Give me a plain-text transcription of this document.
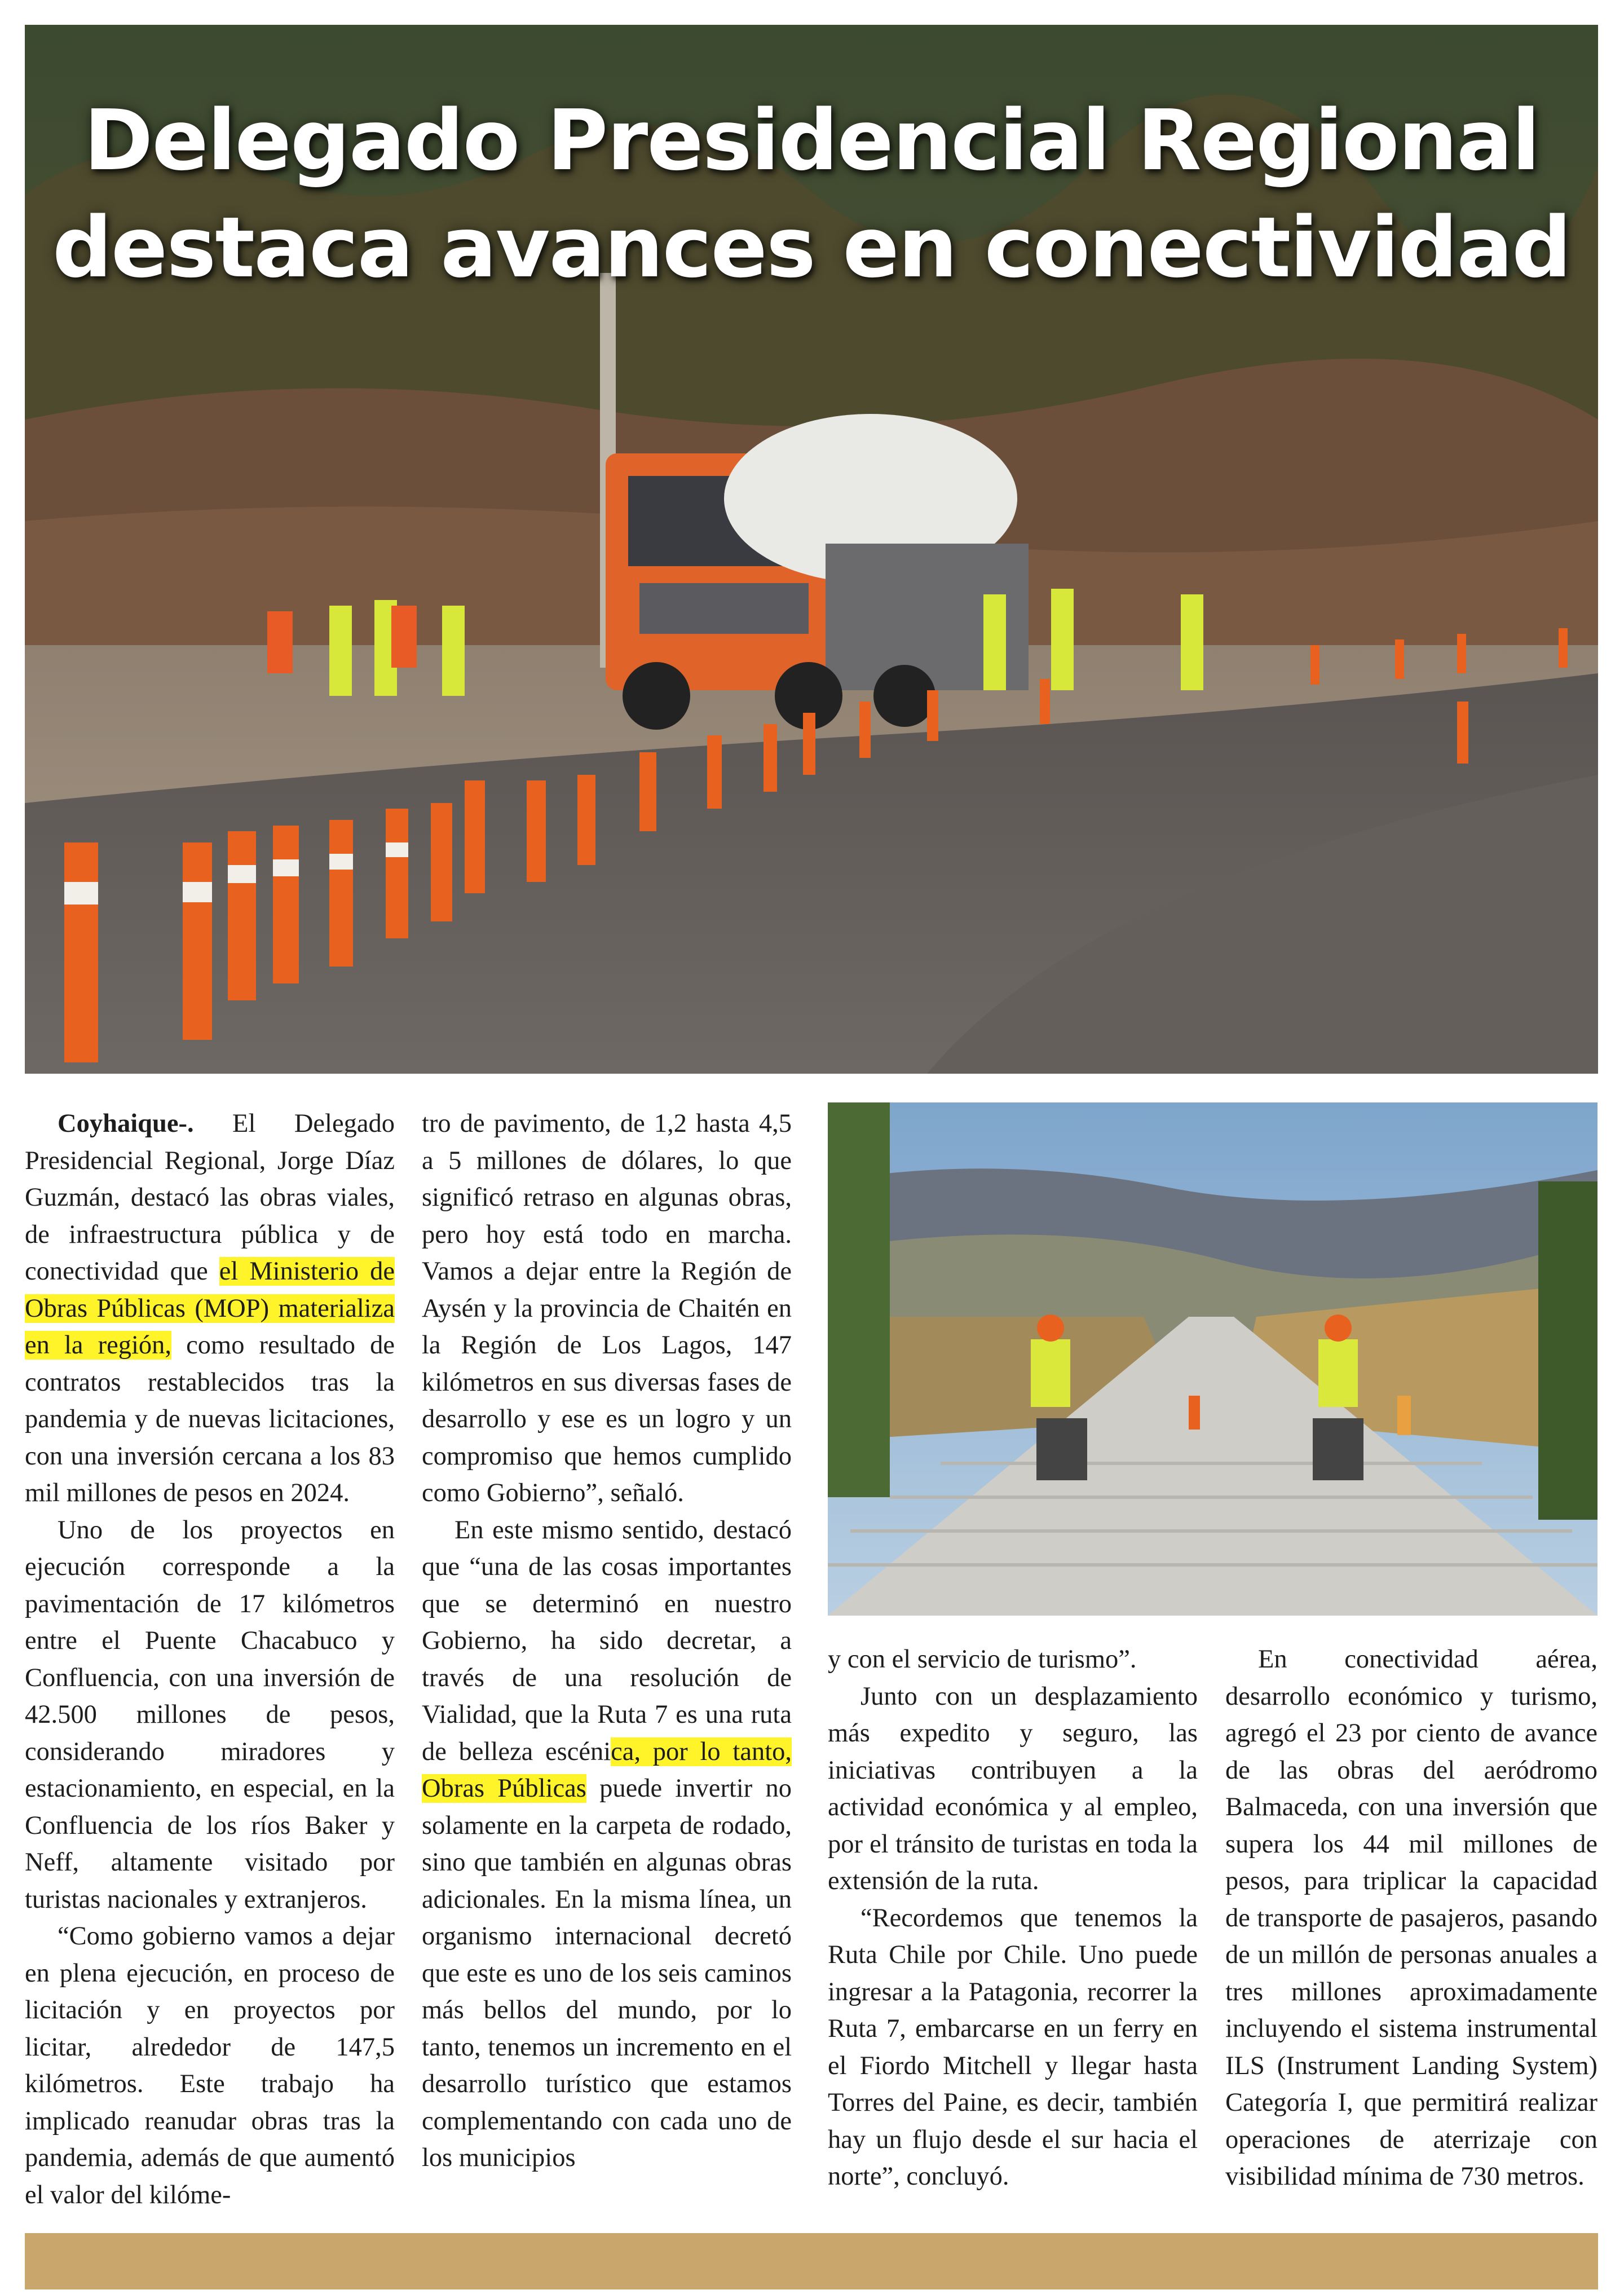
Delegado Presidencial Regional
destaca avances en conectividad

Coyhaique-. El Delegado Presidencial Regional, Jorge Díaz Guzmán, destacó las obras viales, de infraestructura pública y de conectividad que el Ministerio de Obras Públicas (MOP) materializa en la región, como resultado de contratos restablecidos tras la pandemia y de nuevas licitaciones, con una inversión cercana a los 83 mil millones de pesos en 2024.

Uno de los proyectos en ejecución corresponde a la pavimentación de 17 kilómetros entre el Puente Chacabuco y Confluencia, con una inversión de 42.500 millones de pesos, considerando miradores y estacionamiento, en especial, en la Confluencia de los ríos Baker y Neff, altamente visitado por turistas nacionales y extranjeros.

“Como gobierno vamos a dejar en plena ejecución, en proceso de licitación y en proyectos por licitar, alrededor de 147,5 kilómetros. Este trabajo ha implicado reanudar obras tras la pandemia, además de que aumentó el valor del kilóme-

tro de pavimento, de 1,2 hasta 4,5 a 5 millones de dólares, lo que significó retraso en algunas obras, pero hoy está todo en marcha. Vamos a dejar entre la Región de Aysén y la provincia de Chaitén en la Región de Los Lagos, 147 kilómetros en sus diversas fases de desarrollo y ese es un logro y un compromiso que hemos cumplido como Gobierno”, señaló.

En este mismo sentido, destacó que “una de las cosas importantes que se determinó en nuestro Gobierno, ha sido decretar, a través de una resolución de Vialidad, que la Ruta 7 es una ruta de belleza escénica, por lo tanto, Obras Públicas puede invertir no solamente en la carpeta de rodado, sino que también en algunas obras adicionales. En la misma línea, un organismo internacional decretó que este es uno de los seis caminos más bellos del mundo, por lo tanto, tenemos un incremento en el desarrollo turístico que estamos complementando con cada uno de los municipios

y con el servicio de turismo”.

Junto con un desplazamiento más expedito y seguro, las iniciativas contribuyen a la actividad económica y al empleo, por el tránsito de turistas en toda la extensión de la ruta.

“Recordemos que tenemos la Ruta Chile por Chile. Uno puede ingresar a la Patagonia, recorrer la Ruta 7, embarcarse en un ferry en el Fiordo Mitchell y llegar hasta Torres del Paine, es decir, también hay un flujo desde el sur hacia el norte”, concluyó.

En conectividad aérea, desarrollo económico y turismo, agregó el 23 por ciento de avance de las obras del aeródromo Balmaceda, con una inversión que supera los 44 mil millones de pesos, para triplicar la capacidad de transporte de pasajeros, pasando de un millón de personas anuales a tres millones aproximadamente incluyendo el sistema instrumental ILS (Instrument Landing System) Categoría I, que permitirá realizar operaciones de aterrizaje con visibilidad mínima de 730 metros.
